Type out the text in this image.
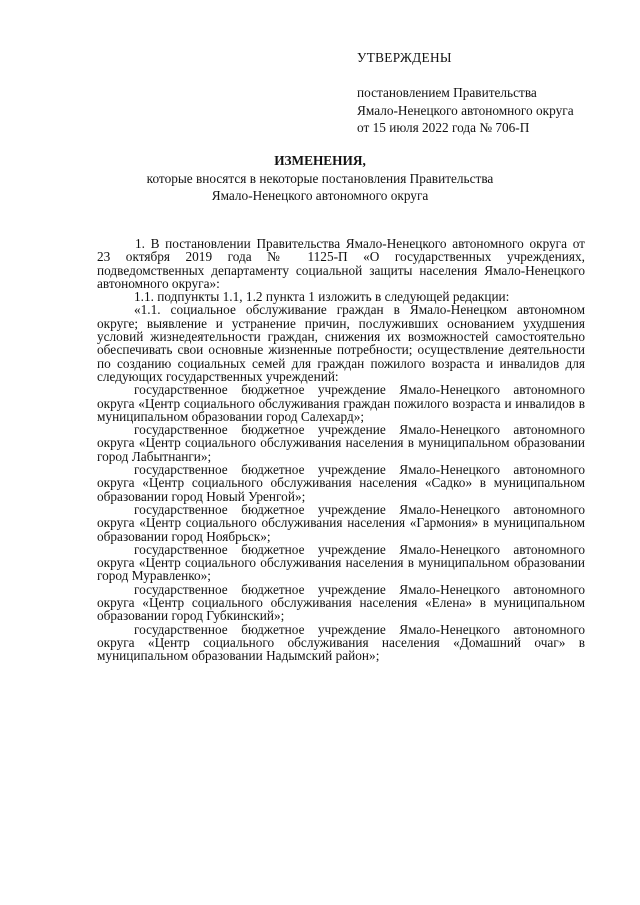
УТВЕРЖДЕНЫ
постановлением Правительства
Ямало-Ненецкого автономного округа
от 15 июля 2022 года № 706-П
ИЗМЕНЕНИЯ,
которые вносятся в некоторые постановления Правительства
Ямало-Ненецкого автономного округа

1. В постановлении Правительства Ямало-Ненецкого автономного округа от 23 октября 2019 года № 1125-П «О государственных учреждениях, подведомственных департаменту социальной защиты населения Ямало-Ненецкого автономного округа»:

1.1. подпункты 1.1, 1.2 пункта 1 изложить в следующей редакции:

«1.1. социальное обслуживание граждан в Ямало-Ненецком автономном округе; выявление и устранение причин, послуживших основанием ухудшения условий жизнедеятельности граждан, снижения их возможностей самостоятельно обеспечивать свои основные жизненные потребности; осуществление деятельности по созданию социальных семей для граждан пожилого возраста и инвалидов для следующих государственных учреждений:

государственное бюджетное учреждение Ямало-Ненецкого автономного округа «Центр социального обслуживания граждан пожилого возраста и инвалидов в муниципальном образовании город Салехард»;

государственное бюджетное учреждение Ямало-Ненецкого автономного округа «Центр социального обслуживания населения в муниципальном образовании город Лабытнанги»;

государственное бюджетное учреждение Ямало-Ненецкого автономного округа «Центр социального обслуживания населения «Садко» в муниципальном образовании город Новый Уренгой»;

государственное бюджетное учреждение Ямало-Ненецкого автономного округа «Центр социального обслуживания населения «Гармония» в муниципальном образовании город Ноябрьск»;

государственное бюджетное учреждение Ямало-Ненецкого автономного округа «Центр социального обслуживания населения в муниципальном образовании город Муравленко»;

государственное бюджетное учреждение Ямало-Ненецкого автономного округа «Центр социального обслуживания населения «Елена» в муниципальном образовании город Губкинский»;

государственное бюджетное учреждение Ямало-Ненецкого автономного округа «Центр социального обслуживания населения «Домашний очаг» в муниципальном образовании Надымский район»;
